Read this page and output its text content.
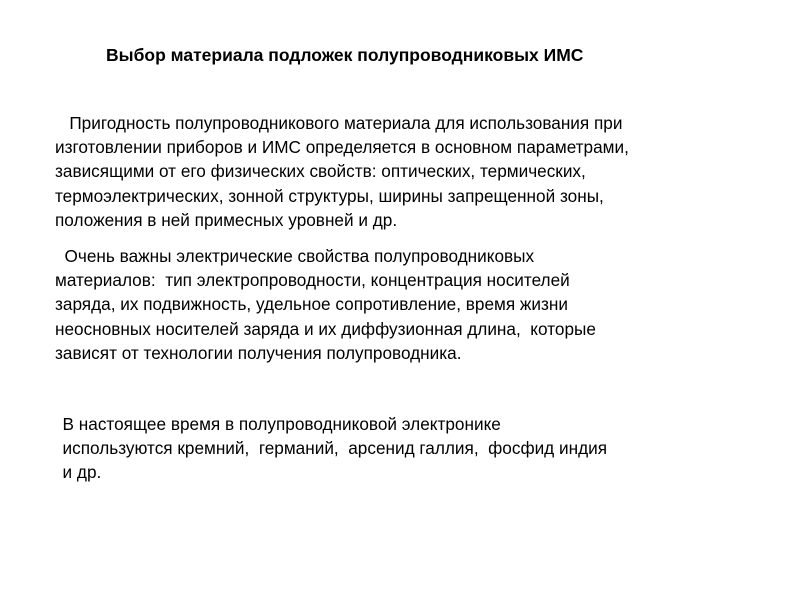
Выбор материала подложек полупроводниковых ИМС

Пригодность полупроводникового материала для использования при
изготовлении приборов и ИМС определяется в основном параметрами,
зависящими от его физических свойств: оптических, термических,
термоэлектрических, зонной структуры, ширины запрещенной зоны,
положения в ней примесных уровней и др.

Очень важны электрические свойства полупроводниковых
материалов:  тип электропроводности, концентрация носителей
заряда, их подвижность, удельное сопротивление, время жизни
неосновных носителей заряда и их диффузионная длина,  которые
зависят от технологии получения полупроводника.

В настоящее время в полупроводниковой электронике
используются кремний,  германий,  арсенид галлия,  фосфид индия
и др.
